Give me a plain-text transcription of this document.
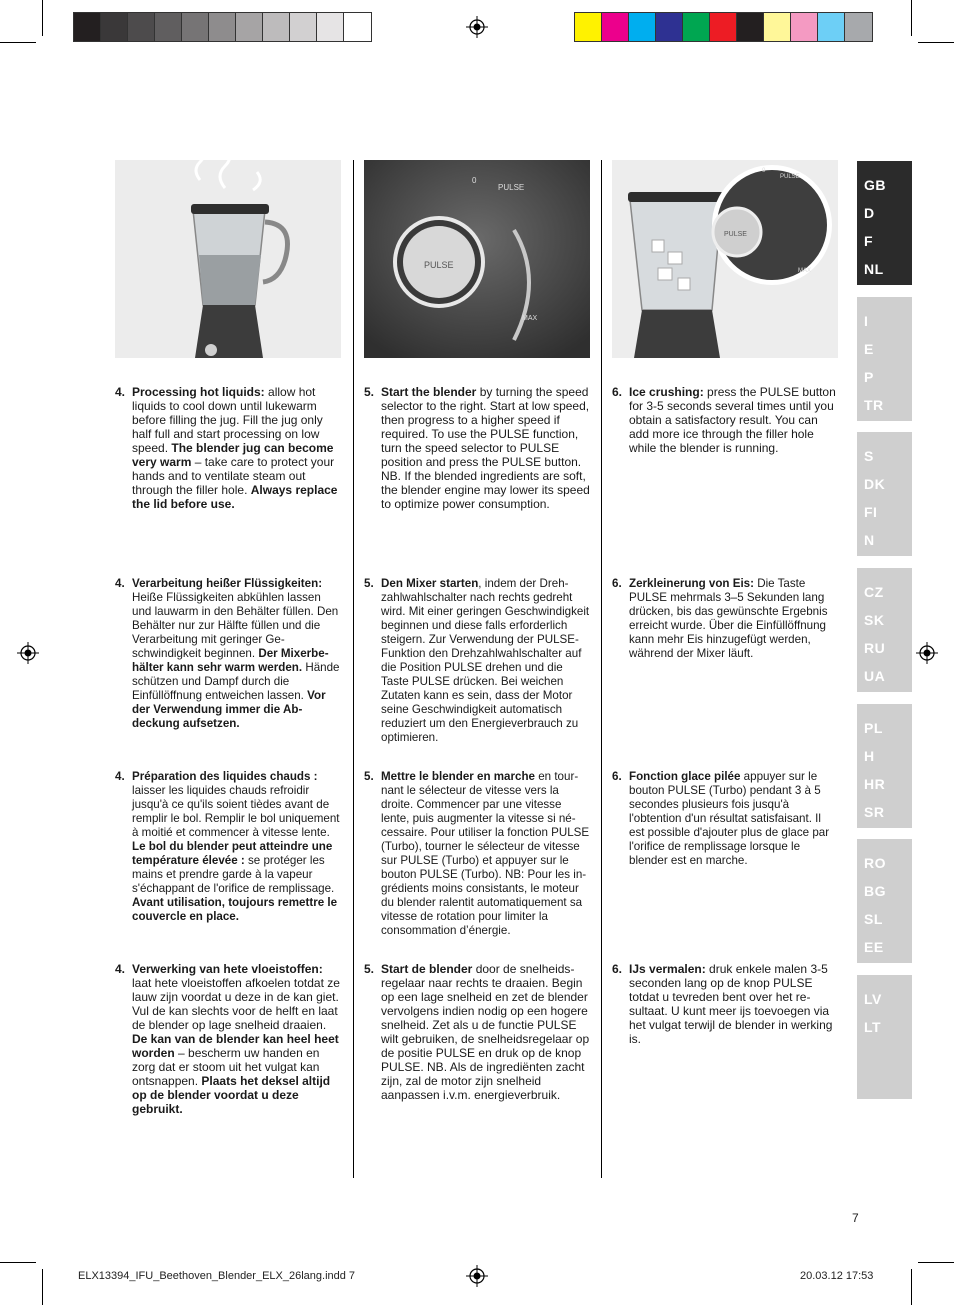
0
PULSE
PULSE
MAX
PULSE
0
PULSE
MAX
4. Processing hot liquids: allow hot liquids to cool down until lukewarm before filling the jug. Fill the jug only half full and start processing on low speed. The blender jug can become very warm – take care to protect your hands and to ventilate steam out through the filler hole. Always replace the lid before use.
5. Start the blender by turning the speed selector to the right. Start at low speed, then progress to a higher speed if required. To use the PULSE function, turn the speed selector to PULSE position and press the PULSE button. NB. If the blended ingredients are soft, the blender engine may lower its speed to optimize power consumption.
6. Ice crushing: press the PULSE button for 3-5 seconds several times until you obtain a satisfactory result. You can add more ice through the filler hole while the blender is running.
4. Verarbeitung heißer Flüssigkeiten: Heiße Flüssigkeiten abkühlen lassen und lauwarm in den Behälter füllen. Den Behälter nur zur Hälfte füllen und die Verarbeitung mit geringer Geschwindigkeit beginnen. Der Mixerbehälter kann sehr warm werden. Hände schützen und Dampf durch die Einfüllöffnung entweichen lassen. Vor der Verwendung immer die Abdeckung aufsetzen.
5. Den Mixer starten, indem der Drehzahlwahlschalter nach rechts gedreht wird. Mit einer geringen Geschwindigkeit beginnen und diese falls erforderlich steigern. Zur Verwendung der PULSE-Funktion den Drehzahlwahlschalter auf die Position PULSE drehen und die Taste PULSE drücken. Bei weichen Zutaten kann es sein, dass der Motor seine Geschwindigkeit automatisch reduziert um den Energieverbrauch zu optimieren.
6. Zerkleinerung von Eis: Die Taste PULSE mehrmals 3–5 Sekunden lang drücken, bis das gewünschte Ergebnis erreicht wurde. Über die Einfüllöffnung kann mehr Eis hinzugefügt werden, während der Mixer läuft.
4. Préparation des liquides chauds : laisser les liquides chauds refroidir jusqu'à ce qu'ils soient tièdes avant de remplir le bol. Remplir le bol uniquement à moitié et commencer à vitesse lente. Le bol du blender peut atteindre une température élevée : se protéger les mains et prendre garde à la vapeur s'échappant de l'orifice de remplissage. Avant utilisation, toujours remettre le couvercle en place.
5. Mettre le blender en marche en tournant le sélecteur de vitesse vers la droite. Commencer par une vitesse lente, puis augmenter la vitesse si nécessaire. Pour utiliser la fonction PULSE (Turbo), tourner le sélecteur de vitesse sur PULSE (Turbo) et appuyer sur le bouton PULSE (Turbo). NB: Pour les ingrédients moins consistants, le moteur du blender ralentit automatiquement sa vitesse de rotation pour limiter la consommation d’énergie.
6. Fonction glace pilée appuyer sur le bouton PULSE (Turbo) pendant 3 à 5 secondes plusieurs fois jusqu'à l'obtention d'un résultat satisfaisant. Il est possible d'ajouter plus de glace par l'orifice de remplissage lorsque le blender est en marche.
4. Verwerking van hete vloeistoffen: laat hete vloeistoffen afkoelen totdat ze lauw zijn voordat u deze in de kan giet. Vul de kan slechts voor de helft en laat de blender op lage snelheid draaien. De kan van de blender kan heel heet worden – bescherm uw handen en zorg dat er stoom uit het vulgat kan ontsnappen. Plaats het deksel altijd op de blender voordat u deze gebruikt.
5. Start de blender door de snelheidsregelaar naar rechts te draaien. Begin op een lage snelheid en zet de blender vervolgens indien nodig op een hogere snelheid. Zet als u de functie PULSE wilt gebruiken, de snelheidsregelaar op de positie PULSE en druk op de knop PULSE. NB. Als de ingrediënten zacht zijn, zal de motor zijn snelheid aanpassen i.v.m. energieverbruik.
6. IJs vermalen: druk enkele malen 3-5 seconden lang op de knop PULSE totdat u tevreden bent over het resultaat. U kunt meer ijs toevoegen via het vulgat terwijl de blender in werking is.
GB
D
F
NL
I
E
P
TR
S
DK
FI
N
CZ
SK
RU
UA
PL
H
HR
SR
RO
BG
SL
EE
LV
LT
7
ELX13394_IFU_Beethoven_Blender_ELX_26lang.indd 7	20.03.12 17:53
